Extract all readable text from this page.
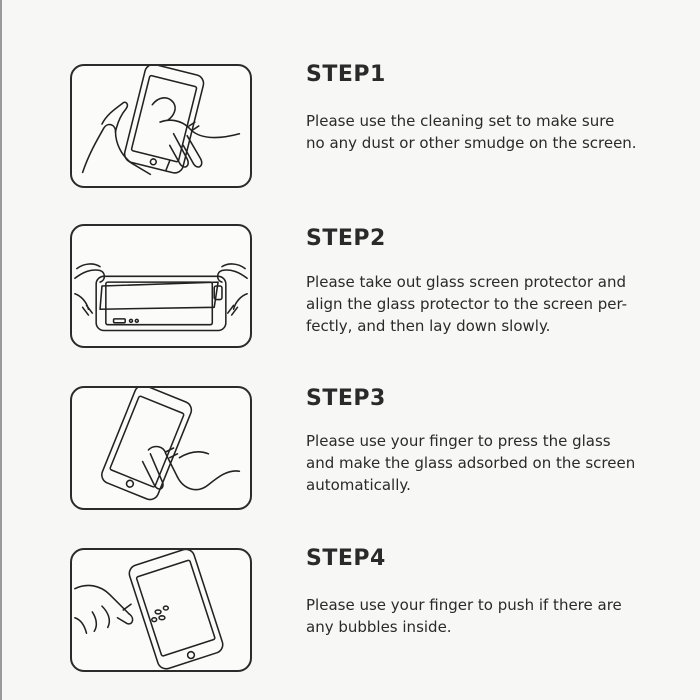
STEP1
Please use the cleaning set to make sure
no any dust or other smudge on the screen.
STEP2
Please take out glass screen protector and
align the glass protector to the screen per-
fectly, and then lay down slowly.
STEP3
Please use your finger to press the glass
and make the glass adsorbed on the screen
automatically.
STEP4
Please use your finger to push if there are
any bubbles inside.
